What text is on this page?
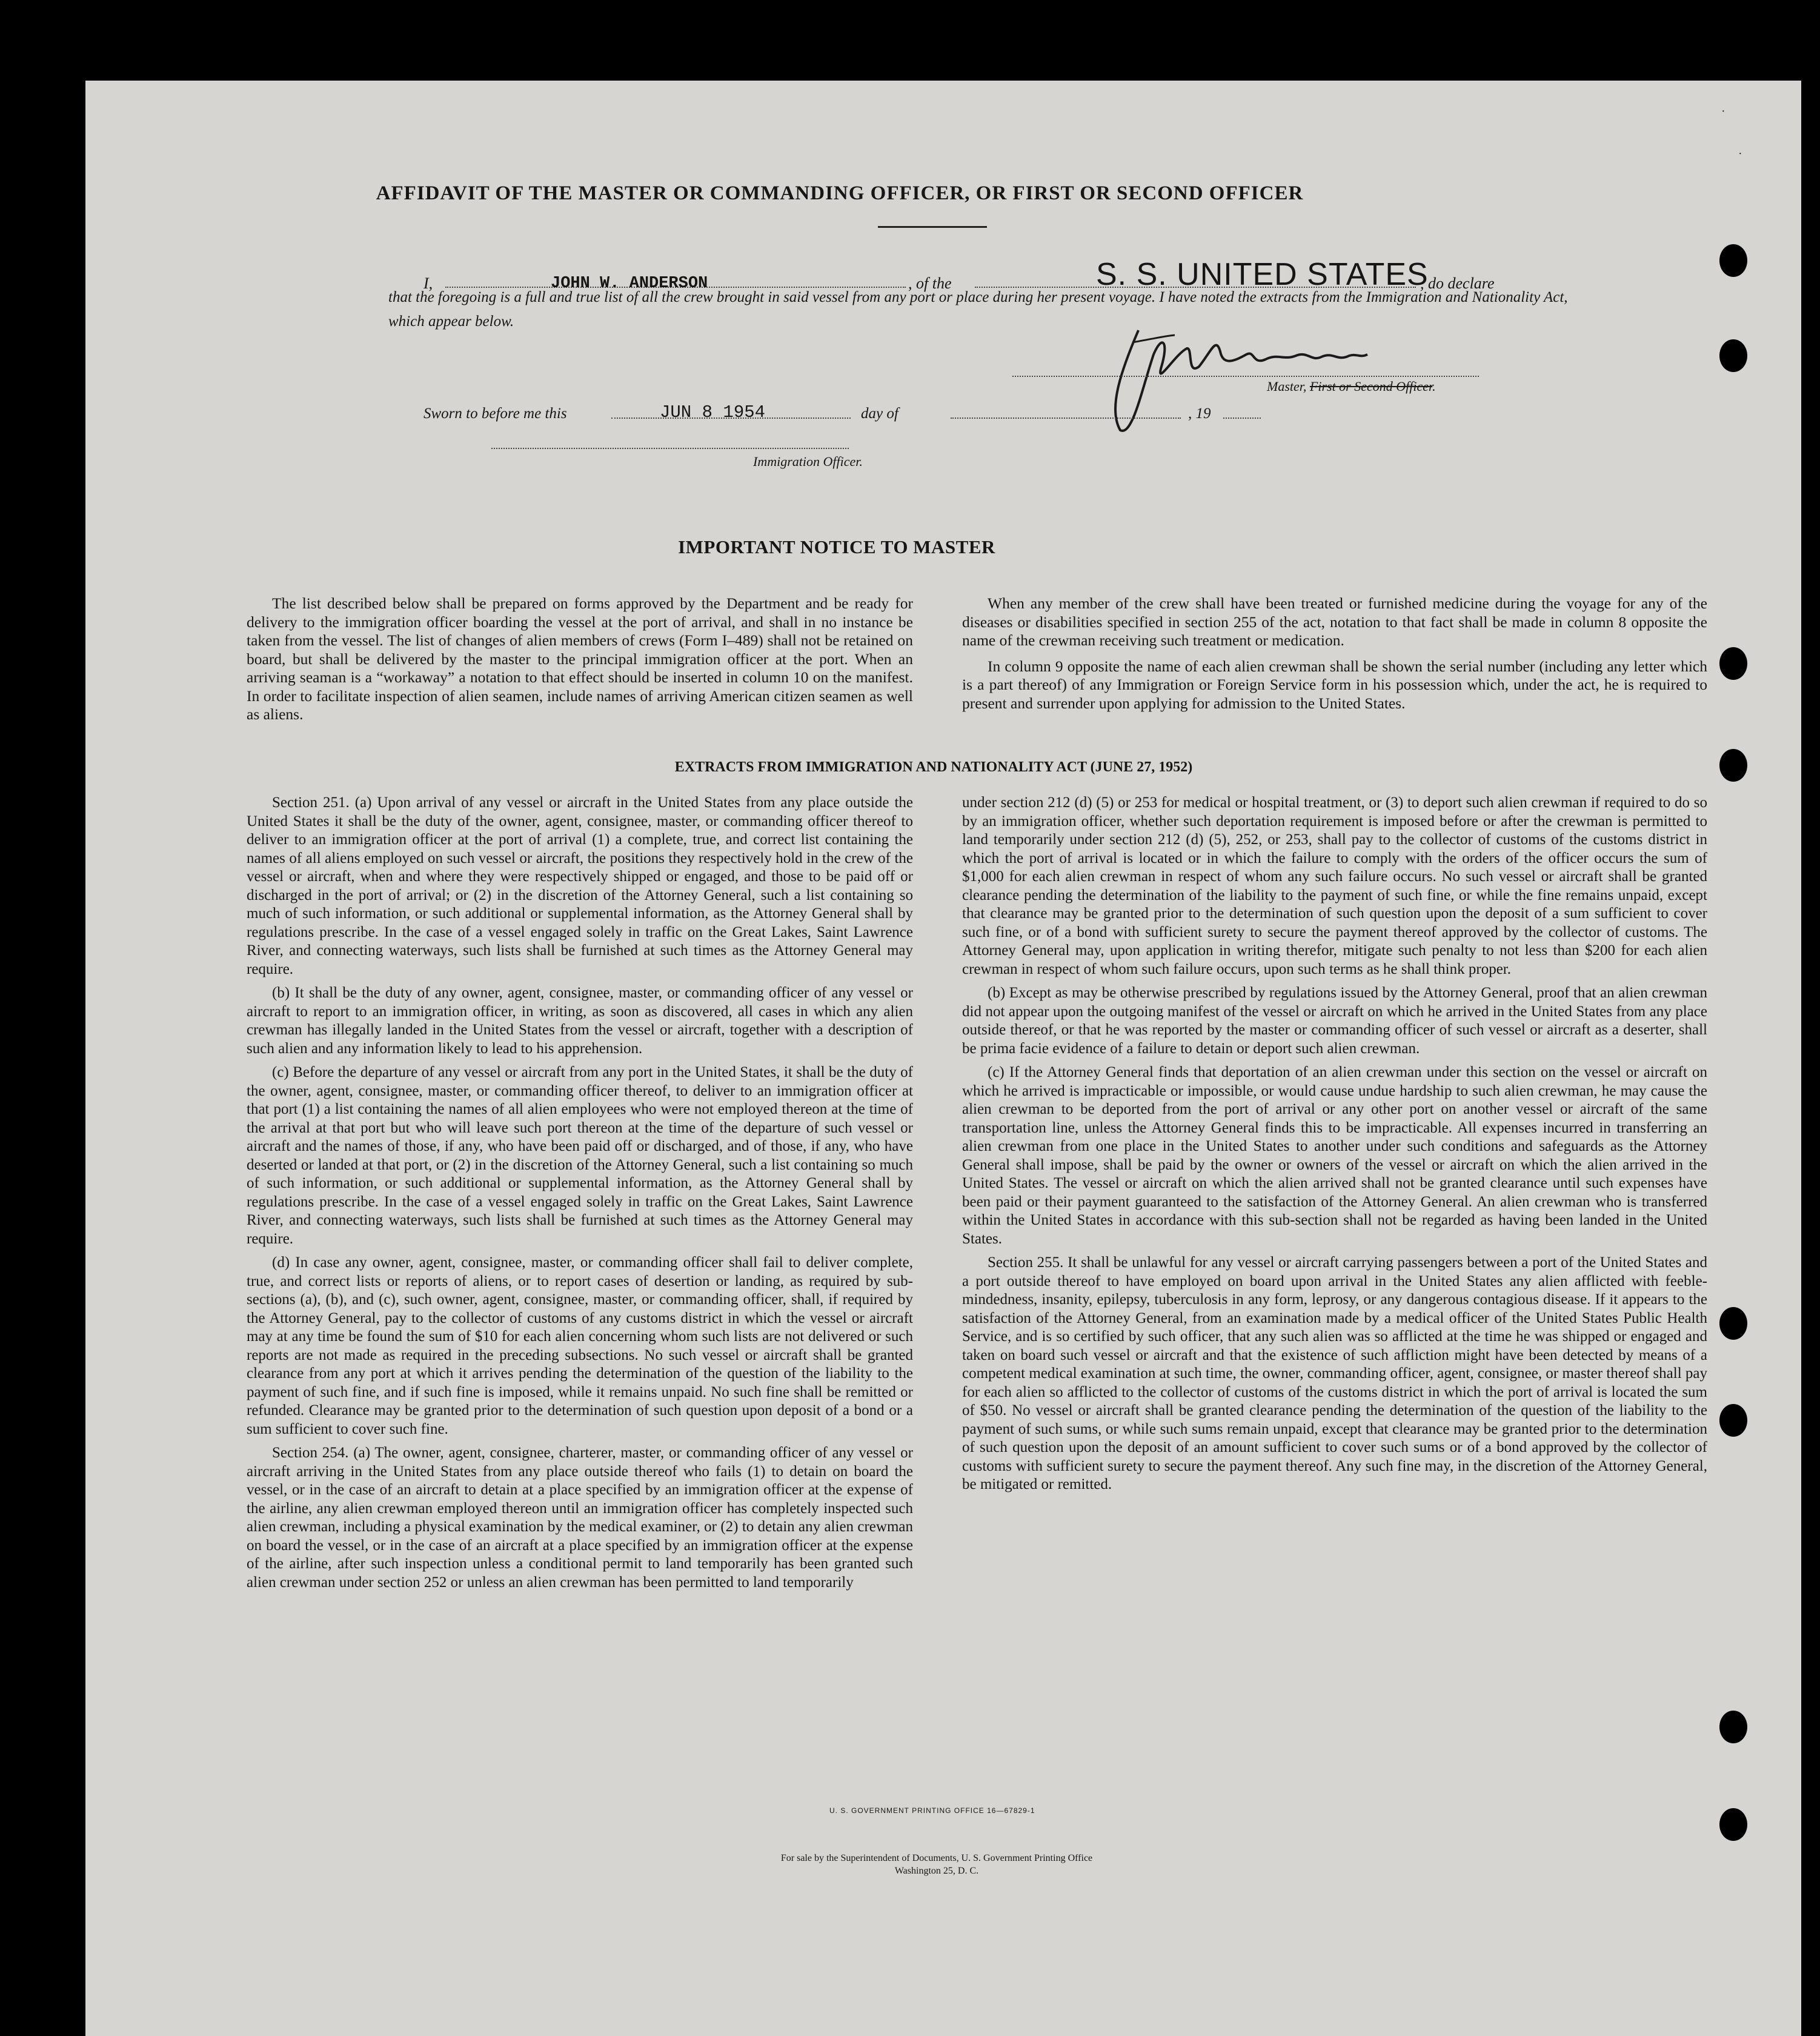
AFFIDAVIT OF THE MASTER OR COMMANDING OFFICER, OR FIRST OR SECOND OFFICER
I,	JOHN W. ANDERSON	, of the	S. S. UNITED STATES
, do declare
that the foregoing is a full and true list of all the crew brought in said vessel from any port or place during her present voyage. I have noted the extracts from the Immigration and Nationality Act, which appear below.
Master, First or Second Officer.
Sworn to before me this	JUN 8 1954	day of	, 19
Immigration Officer.
IMPORTANT NOTICE TO MASTER

The list described below shall be prepared on forms approved by the Department and be ready for delivery to the immigration officer boarding the vessel at the port of arrival, and shall in no instance be taken from the vessel. The list of changes of alien members of crews (Form I–489) shall not be retained on board, but shall be delivered by the master to the principal immigration officer at the port. When an arriving seaman is a “workaway” a notation to that effect should be inserted in column 10 on the manifest. In order to facilitate inspection of alien seamen, include names of arriving American citizen seamen as well as aliens.

When any member of the crew shall have been treated or furnished medicine during the voyage for any of the diseases or disabilities specified in section 255 of the act, notation to that fact shall be made in column 8 opposite the name of the crewman receiving such treatment or medication.

In column 9 opposite the name of each alien crewman shall be shown the serial number (including any letter which is a part thereof) of any Immigration or Foreign Service form in his possession which, under the act, he is required to present and surrender upon applying for admission to the United States.

EXTRACTS FROM IMMIGRATION AND NATIONALITY ACT (JUNE 27, 1952)

Section 251. (a) Upon arrival of any vessel or aircraft in the United States from any place outside the United States it shall be the duty of the owner, agent, consignee, master, or commanding officer thereof to deliver to an immigration officer at the port of arrival (1) a complete, true, and correct list containing the names of all aliens employed on such vessel or aircraft, the positions they respectively hold in the crew of the vessel or aircraft, when and where they were respectively shipped or engaged, and those to be paid off or discharged in the port of arrival; or (2) in the discretion of the Attorney General, such a list containing so much of such information, or such additional or supplemental information, as the Attorney General shall by regulations prescribe. In the case of a vessel engaged solely in traffic on the Great Lakes, Saint Lawrence River, and connecting waterways, such lists shall be furnished at such times as the Attorney General may require.

(b) It shall be the duty of any owner, agent, consignee, master, or commanding officer of any vessel or aircraft to report to an immigration officer, in writing, as soon as discovered, all cases in which any alien crewman has illegally landed in the United States from the vessel or aircraft, together with a description of such alien and any information likely to lead to his apprehension.

(c) Before the departure of any vessel or aircraft from any port in the United States, it shall be the duty of the owner, agent, consignee, master, or commanding officer thereof, to deliver to an immigration officer at that port (1) a list containing the names of all alien employees who were not employed thereon at the time of the arrival at that port but who will leave such port thereon at the time of the departure of such vessel or aircraft and the names of those, if any, who have been paid off or discharged, and of those, if any, who have deserted or landed at that port, or (2) in the discretion of the Attorney General, such a list containing so much of such information, or such additional or supplemental information, as the Attorney General shall by regulations prescribe. In the case of a vessel engaged solely in traffic on the Great Lakes, Saint Lawrence River, and connecting waterways, such lists shall be furnished at such times as the Attorney General may require.

(d) In case any owner, agent, consignee, master, or commanding officer shall fail to deliver complete, true, and correct lists or reports of aliens, or to report cases of desertion or landing, as required by sub-sections (a), (b), and (c), such owner, agent, consignee, master, or commanding officer, shall, if required by the Attorney General, pay to the collector of customs of any customs district in which the vessel or aircraft may at any time be found the sum of $10 for each alien concerning whom such lists are not delivered or such reports are not made as required in the preceding subsections. No such vessel or aircraft shall be granted clearance from any port at which it arrives pending the determination of the question of the liability to the payment of such fine, and if such fine is imposed, while it remains unpaid. No such fine shall be remitted or refunded. Clearance may be granted prior to the determination of such question upon deposit of a bond or a sum sufficient to cover such fine.

Section 254. (a) The owner, agent, consignee, charterer, master, or commanding officer of any vessel or aircraft arriving in the United States from any place outside thereof who fails (1) to detain on board the vessel, or in the case of an aircraft to detain at a place specified by an immigration officer at the expense of the airline, any alien crewman employed thereon until an immigration officer has completely inspected such alien crewman, including a physical examination by the medical examiner, or (2) to detain any alien crewman on board the vessel, or in the case of an aircraft at a place specified by an immigration officer at the expense of the airline, after such inspection unless a conditional permit to land temporarily has been granted such alien crewman under section 252 or unless an alien crewman has been permitted to land temporarily

under section 212 (d) (5) or 253 for medical or hospital treatment, or (3) to deport such alien crewman if required to do so by an immigration officer, whether such deportation requirement is imposed before or after the crewman is permitted to land temporarily under section 212 (d) (5), 252, or 253, shall pay to the collector of customs of the customs district in which the port of arrival is located or in which the failure to comply with the orders of the officer occurs the sum of $1,000 for each alien crewman in respect of whom any such failure occurs. No such vessel or aircraft shall be granted clearance pending the determination of the liability to the payment of such fine, or while the fine remains unpaid, except that clearance may be granted prior to the determination of such question upon the deposit of a sum sufficient to cover such fine, or of a bond with sufficient surety to secure the payment thereof approved by the collector of customs. The Attorney General may, upon application in writing therefor, mitigate such penalty to not less than $200 for each alien crewman in respect of whom such failure occurs, upon such terms as he shall think proper.

(b) Except as may be otherwise prescribed by regulations issued by the Attorney General, proof that an alien crewman did not appear upon the outgoing manifest of the vessel or aircraft on which he arrived in the United States from any place outside thereof, or that he was reported by the master or commanding officer of such vessel or aircraft as a deserter, shall be prima facie evidence of a failure to detain or deport such alien crewman.

(c) If the Attorney General finds that deportation of an alien crewman under this section on the vessel or aircraft on which he arrived is impracticable or impossible, or would cause undue hardship to such alien crewman, he may cause the alien crewman to be deported from the port of arrival or any other port on another vessel or aircraft of the same transportation line, unless the Attorney General finds this to be impracticable. All expenses incurred in transferring an alien crewman from one place in the United States to another under such conditions and safeguards as the Attorney General shall impose, shall be paid by the owner or owners of the vessel or aircraft on which the alien arrived in the United States. The vessel or aircraft on which the alien arrived shall not be granted clearance until such expenses have been paid or their payment guaranteed to the satisfaction of the Attorney General. An alien crewman who is transferred within the United States in accordance with this sub-section shall not be regarded as having been landed in the United States.

Section 255. It shall be unlawful for any vessel or aircraft carrying passengers between a port of the United States and a port outside thereof to have employed on board upon arrival in the United States any alien afflicted with feeble-mindedness, insanity, epilepsy, tuberculosis in any form, leprosy, or any dangerous contagious disease. If it appears to the satisfaction of the Attorney General, from an examination made by a medical officer of the United States Public Health Service, and is so certified by such officer, that any such alien was so afflicted at the time he was shipped or engaged and taken on board such vessel or aircraft and that the existence of such affliction might have been detected by means of a competent medical examination at such time, the owner, commanding officer, agent, consignee, or master thereof shall pay for each alien so afflicted to the collector of customs of the customs district in which the port of arrival is located the sum of $50. No vessel or aircraft shall be granted clearance pending the determination of the question of the liability to the payment of such sums, or while such sums remain unpaid, except that clearance may be granted prior to the determination of such question upon the deposit of an amount sufficient to cover such sums or of a bond approved by the collector of customs with sufficient surety to secure the payment thereof. Any such fine may, in the discretion of the Attorney General, be mitigated or remitted.

U. S. GOVERNMENT PRINTING OFFICE 16—67829-1
For sale by the Superintendent of Documents, U. S. Government Printing Office
Washington 25, D. C.
·
·
